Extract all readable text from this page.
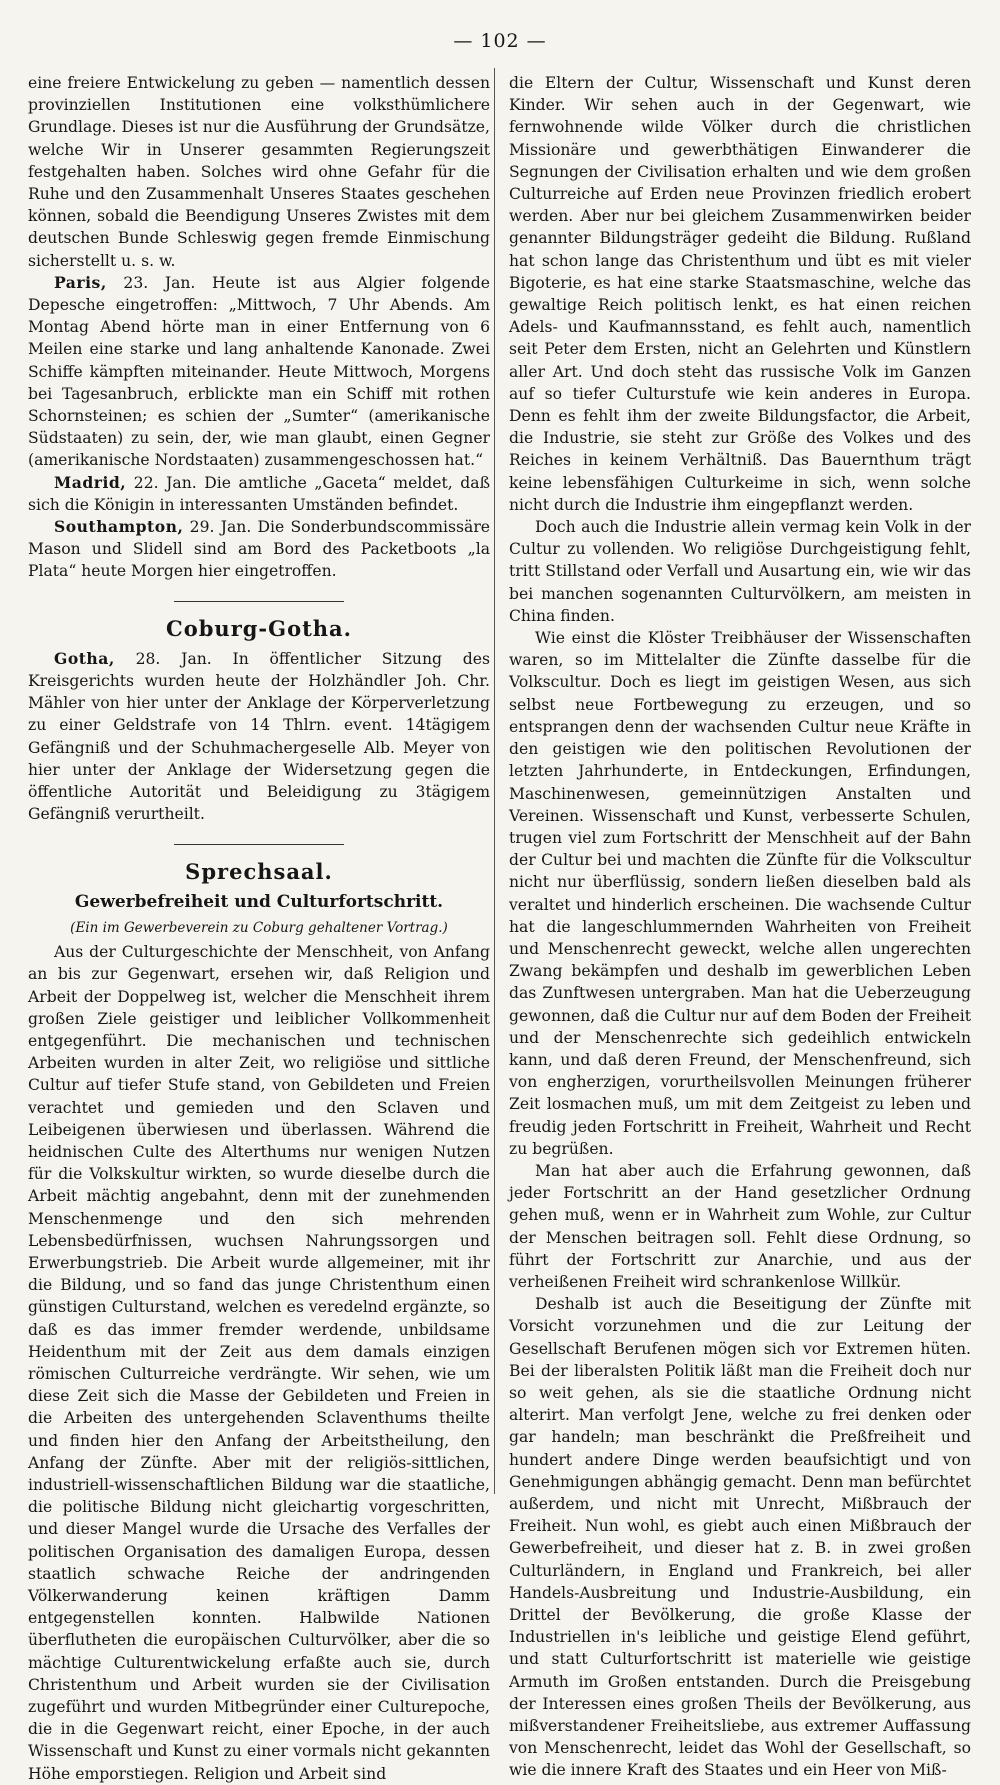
— 102 —

eine freiere Entwickelung zu geben — namentlich dessen provinziellen Institutionen eine volksthümlichere Grundlage. Dieses ist nur die Ausführung der Grundsätze, welche Wir in Unserer gesammten Regierungszeit festgehalten haben. Solches wird ohne Gefahr für die Ruhe und den Zusammenhalt Unseres Staates geschehen können, sobald die Beendigung Unseres Zwistes mit dem deutschen Bunde Schleswig gegen fremde Einmischung sicherstellt u. s. w.

Paris, 23. Jan. Heute ist aus Algier folgende Depesche eingetroffen: „Mittwoch, 7 Uhr Abends. Am Montag Abend hörte man in einer Entfernung von 6 Meilen eine starke und lang anhaltende Kanonade. Zwei Schiffe kämpften miteinander. Heute Mittwoch, Morgens bei Tagesanbruch, erblickte man ein Schiff mit rothen Schornsteinen; es schien der „Sumter“ (amerikanische Südstaaten) zu sein, der, wie man glaubt, einen Gegner (amerikanische Nordstaaten) zusammengeschossen hat.“

Madrid, 22. Jan. Die amtliche „Gaceta“ meldet, daß sich die Königin in interessanten Umständen befindet.

Southampton, 29. Jan. Die Sonderbundscommissäre Mason und Slidell sind am Bord des Packetboots „la Plata“ heute Morgen hier eingetroffen.

Coburg-Gotha.

Gotha, 28. Jan. In öffentlicher Sitzung des Kreisgerichts wurden heute der Holzhändler Joh. Chr. Mähler von hier unter der Anklage der Körperverletzung zu einer Geldstrafe von 14 Thlrn. event. 14tägigem Gefängniß und der Schuhmachergeselle Alb. Meyer von hier unter der Anklage der Widersetzung gegen die öffentliche Autorität und Beleidigung zu 3tägigem Gefängniß verurtheilt.

Sprechsaal.
Gewerbefreiheit und Culturfortschritt.
(Ein im Gewerbeverein zu Coburg gehaltener Vortrag.)

Aus der Culturgeschichte der Menschheit, von Anfang an bis zur Gegenwart, ersehen wir, daß Religion und Arbeit der Doppelweg ist, welcher die Menschheit ihrem großen Ziele geistiger und leiblicher Vollkommenheit entgegenführt. Die mechanischen und technischen Arbeiten wurden in alter Zeit, wo religiöse und sittliche Cultur auf tiefer Stufe stand, von Gebildeten und Freien verachtet und gemieden und den Sclaven und Leibeigenen überwiesen und überlassen. Während die heidnischen Culte des Alterthums nur wenigen Nutzen für die Volkskultur wirkten, so wurde dieselbe durch die Arbeit mächtig angebahnt, denn mit der zunehmenden Menschenmenge und den sich mehrenden Lebensbedürfnissen, wuchsen Nahrungssorgen und Erwerbungstrieb. Die Arbeit wurde allgemeiner, mit ihr die Bildung, und so fand das junge Christenthum einen günstigen Culturstand, welchen es veredelnd ergänzte, so daß es das immer fremder werdende, unbildsame Heidenthum mit der Zeit aus dem damals einzigen römischen Culturreiche verdrängte. Wir sehen, wie um diese Zeit sich die Masse der Gebildeten und Freien in die Arbeiten des untergehenden Sclaventhums theilte und finden hier den Anfang der Arbeitstheilung, den Anfang der Zünfte. Aber mit der religiös-sittlichen, industriell-wissenschaftlichen Bildung war die staatliche, die politische Bildung nicht gleichartig vorgeschritten, und dieser Mangel wurde die Ursache des Verfalles der politischen Organisation des damaligen Europa, dessen staatlich schwache Reiche der andringenden Völkerwanderung keinen kräftigen Damm entgegenstellen konnten. Halbwilde Nationen überflutheten die europäischen Culturvölker, aber die so mächtige Culturentwickelung erfaßte auch sie, durch Christenthum und Arbeit wurden sie der Civilisation zugeführt und wurden Mitbegründer einer Culturepoche, die in die Gegenwart reicht, einer Epoche, in der auch Wissenschaft und Kunst zu einer vormals nicht gekannten Höhe emporstiegen. Religion und Arbeit sind

die Eltern der Cultur, Wissenschaft und Kunst deren Kinder. Wir sehen auch in der Gegenwart, wie fernwohnende wilde Völker durch die christlichen Missionäre und gewerbthätigen Einwanderer die Segnungen der Civilisation erhalten und wie dem großen Culturreiche auf Erden neue Provinzen friedlich erobert werden. Aber nur bei gleichem Zusammenwirken beider genannter Bildungsträger gedeiht die Bildung. Rußland hat schon lange das Christenthum und übt es mit vieler Bigoterie, es hat eine starke Staatsmaschine, welche das gewaltige Reich politisch lenkt, es hat einen reichen Adels- und Kaufmannsstand, es fehlt auch, namentlich seit Peter dem Ersten, nicht an Gelehrten und Künstlern aller Art. Und doch steht das russische Volk im Ganzen auf so tiefer Culturstufe wie kein anderes in Europa. Denn es fehlt ihm der zweite Bildungsfactor, die Arbeit, die Industrie, sie steht zur Größe des Volkes und des Reiches in keinem Verhältniß. Das Bauernthum trägt keine lebensfähigen Culturkeime in sich, wenn solche nicht durch die Industrie ihm eingepflanzt werden.

Doch auch die Industrie allein vermag kein Volk in der Cultur zu vollenden. Wo religiöse Durchgeistigung fehlt, tritt Stillstand oder Verfall und Ausartung ein, wie wir das bei manchen sogenannten Culturvölkern, am meisten in China finden.

Wie einst die Klöster Treibhäuser der Wissenschaften waren, so im Mittelalter die Zünfte dasselbe für die Volkscultur. Doch es liegt im geistigen Wesen, aus sich selbst neue Fortbewegung zu erzeugen, und so entsprangen denn der wachsenden Cultur neue Kräfte in den geistigen wie den politischen Revolutionen der letzten Jahrhunderte, in Entdeckungen, Erfindungen, Maschinenwesen, gemeinnützigen Anstalten und Vereinen. Wissenschaft und Kunst, verbesserte Schulen, trugen viel zum Fortschritt der Menschheit auf der Bahn der Cultur bei und machten die Zünfte für die Volkscultur nicht nur überflüssig, sondern ließen dieselben bald als veraltet und hinderlich erscheinen. Die wachsende Cultur hat die langeschlummernden Wahrheiten von Freiheit und Menschenrecht geweckt, welche allen ungerechten Zwang bekämpfen und deshalb im gewerblichen Leben das Zunftwesen untergraben. Man hat die Ueberzeugung gewonnen, daß die Cultur nur auf dem Boden der Freiheit und der Menschenrechte sich gedeihlich entwickeln kann, und daß deren Freund, der Menschenfreund, sich von engherzigen, vorurtheilsvollen Meinungen früherer Zeit losmachen muß, um mit dem Zeitgeist zu leben und freudig jeden Fortschritt in Freiheit, Wahrheit und Recht zu begrüßen.

Man hat aber auch die Erfahrung gewonnen, daß jeder Fortschritt an der Hand gesetzlicher Ordnung gehen muß, wenn er in Wahrheit zum Wohle, zur Cultur der Menschen beitragen soll. Fehlt diese Ordnung, so führt der Fortschritt zur Anarchie, und aus der verheißenen Freiheit wird schrankenlose Willkür.

Deshalb ist auch die Beseitigung der Zünfte mit Vorsicht vorzunehmen und die zur Leitung der Gesellschaft Berufenen mögen sich vor Extremen hüten. Bei der liberalsten Politik läßt man die Freiheit doch nur so weit gehen, als sie die staatliche Ordnung nicht alterirt. Man verfolgt Jene, welche zu frei denken oder gar handeln; man beschränkt die Preßfreiheit und hundert andere Dinge werden beaufsichtigt und von Genehmigungen abhängig gemacht. Denn man befürchtet außerdem, und nicht mit Unrecht, Mißbrauch der Freiheit. Nun wohl, es giebt auch einen Mißbrauch der Gewerbefreiheit, und dieser hat z. B. in zwei großen Culturländern, in England und Frankreich, bei aller Handels-Ausbreitung und Industrie-Ausbildung, ein Drittel der Bevölkerung, die große Klasse der Industriellen in's leibliche und geistige Elend geführt, und statt Culturfortschritt ist materielle wie geistige Armuth im Großen entstanden. Durch die Preisgebung der Interessen eines großen Theils der Bevölkerung, aus mißverstandener Freiheitsliebe, aus extremer Auffassung von Menschenrecht, leidet das Wohl der Gesellschaft, so wie die innere Kraft des Staates und ein Heer von Miß-
